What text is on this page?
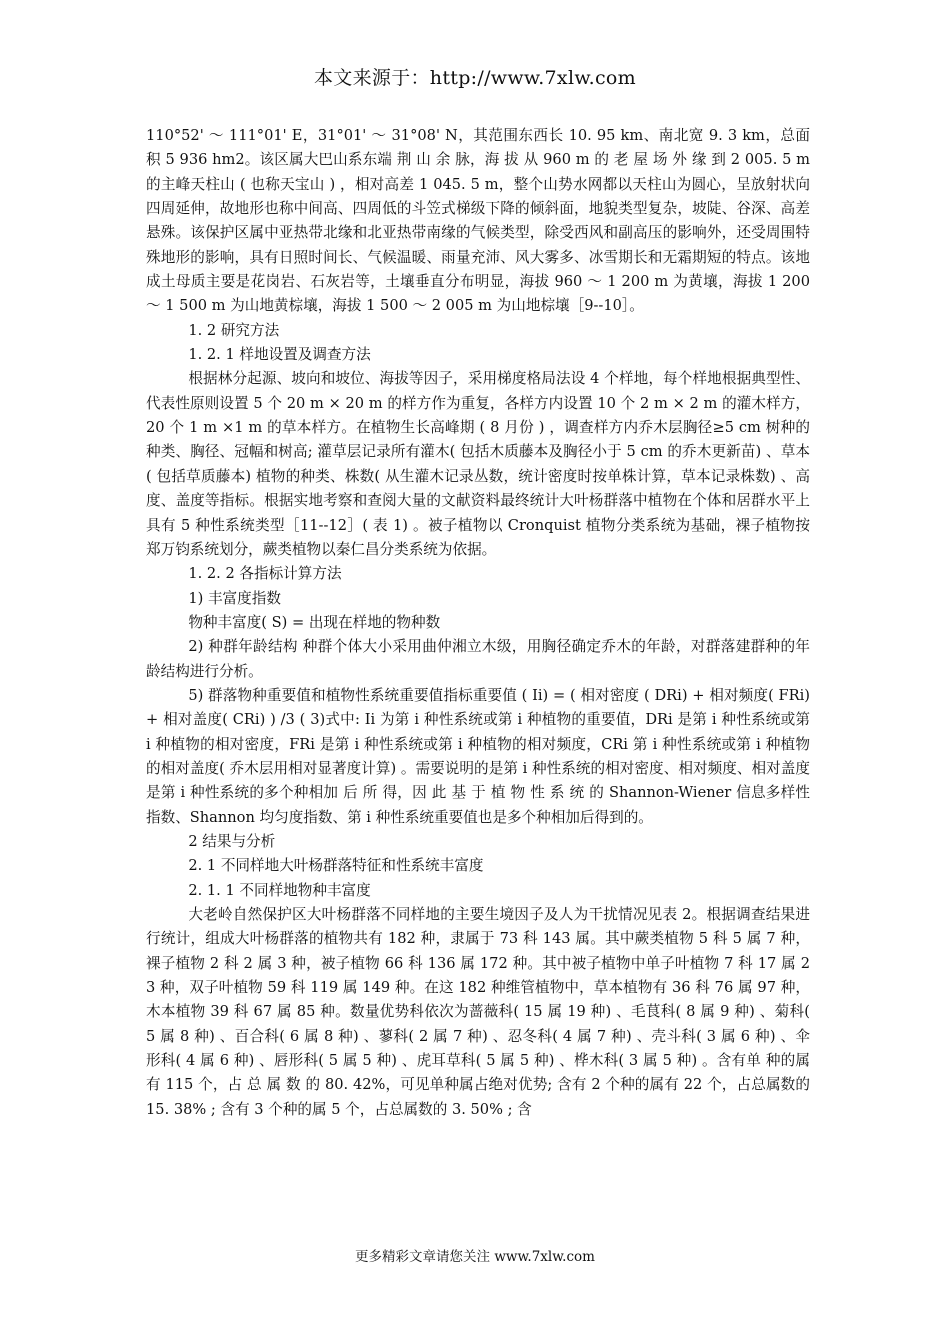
本文来源于：http://www.7xlw.com

110°52' ～ 111°01' E，31°01' ～ 31°08' N，其范围东西长 10. 95 km、南北宽 9. 3 km，总面积 5 936 hm2。该区属大巴山系东端 荆 山 余 脉，海 拔 从 960 m 的 老 屋 场 外 缘 到 2 005. 5 m 的主峰天柱山 ( 也称天宝山 ) ，相对高差 1 045. 5 m，整个山势水网都以天柱山为圆心，呈放射状向四周延伸，故地形也称中间高、四周低的斗笠式梯级下降的倾斜面，地貌类型复杂，坡陡、谷深、高差悬殊。该保护区属中亚热带北缘和北亚热带南缘的气候类型，除受西风和副高压的影响外，还受周围特殊地形的影响，具有日照时间长、气候温暖、雨量充沛、风大雾多、冰雪期长和无霜期短的特点。该地成土母质主要是花岗岩、石灰岩等，土壤垂直分布明显，海拔 960 ～ 1 200 m 为黄壤，海拔 1 200 ～ 1 500 m 为山地黄棕壤，海拔 1 500 ～ 2 005 m 为山地棕壤［9--10］。

1. 2 研究方法

1. 2. 1 样地设置及调查方法

根据林分起源、坡向和坡位、海拔等因子，采用梯度格局法设 4 个样地，每个样地根据典型性、代表性原则设置 5 个 20 m × 20 m 的样方作为重复，各样方内设置 10 个 2 m × 2 m 的灌木样方，20 个 1 m ×1 m 的草本样方。在植物生长高峰期 ( 8 月份 ) ，调查样方内乔木层胸径≥5 cm 树种的种类、胸径、冠幅和树高; 灌草层记录所有灌木( 包括木质藤本及胸径小于 5 cm 的乔木更新苗) 、草本( 包括草质藤本) 植物的种类、株数( 从生灌木记录丛数，统计密度时按单株计算，草本记录株数) 、高度、盖度等指标。根据实地考察和查阅大量的文献资料最终统计大叶杨群落中植物在个体和居群水平上具有 5 种性系统类型［11--12］( 表 1) 。被子植物以 Cronquist 植物分类系统为基础，裸子植物按郑万钧系统划分，蕨类植物以秦仁昌分类系统为依据。

1. 2. 2 各指标计算方法

1) 丰富度指数

物种丰富度( S) = 出现在样地的物种数

2) 种群年龄结构 种群个体大小采用曲仲湘立木级，用胸径确定乔木的年龄，对群落建群种的年龄结构进行分析。

5) 群落物种重要值和植物性系统重要值指标重要值 ( Ii) = ( 相对密度 ( DRi) + 相对频度( FRi) + 相对盖度( CRi) ) /3 ( 3)式中: Ii 为第 i 种性系统或第 i 种植物的重要值，DRi 是第 i 种性系统或第 i 种植物的相对密度，FRi 是第 i 种性系统或第 i 种植物的相对频度，CRi 第 i 种性系统或第 i 种植物的相对盖度( 乔木层用相对显著度计算) 。需要说明的是第 i 种性系统的相对密度、相对频度、相对盖度是第 i 种性系统的多个种相加 后 所 得，因 此 基 于 植 物 性 系 统 的 Shannon-Wiener 信息多样性指数、Shannon 均匀度指数、第 i 种性系统重要值也是多个种相加后得到的。

2 结果与分析

2. 1 不同样地大叶杨群落特征和性系统丰富度

2. 1. 1 不同样地物种丰富度

大老岭自然保护区大叶杨群落不同样地的主要生境因子及人为干扰情况见表 2。根据调查结果进行统计，组成大叶杨群落的植物共有 182 种，隶属于 73 科 143 属。其中蕨类植物 5 科 5 属 7 种，裸子植物 2 科 2 属 3 种，被子植物 66 科 136 属 172 种。其中被子植物中单子叶植物 7 科 17 属 23 种，双子叶植物 59 科 119 属 149 种。在这 182 种维管植物中，草本植物有 36 科 76 属 97 种，木本植物 39 科 67 属 85 种。数量优势科依次为蔷薇科( 15 属 19 种) 、毛茛科( 8 属 9 种) 、菊科( 5 属 8 种) 、百合科( 6 属 8 种) 、蓼科( 2 属 7 种) 、忍冬科( 4 属 7 种) 、壳斗科( 3 属 6 种) 、伞形科( 4 属 6 种) 、唇形科( 5 属 5 种) 、虎耳草科( 5 属 5 种) 、桦木科( 3 属 5 种) 。含有单 种的属有 115 个，占 总 属 数 的 80. 42%，可见单种属占绝对优势; 含有 2 个种的属有 22 个，占总属数的 15. 38% ; 含有 3 个种的属 5 个，占总属数的 3. 50% ; 含

更多精彩文章请您关注 www.7xlw.com
